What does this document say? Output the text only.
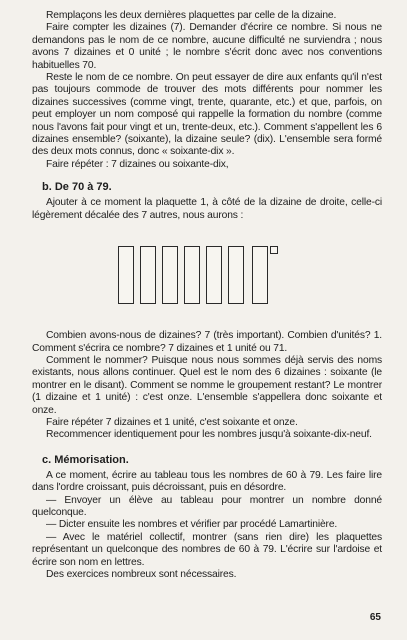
Remplaçons les deux dernières plaquettes par celle de la dizaine.

Faire compter les dizaines (7). Demander d'écrire ce nombre. Si nous ne demandons pas le nom de ce nombre, aucune difficulté ne surviendra ; nous avons 7 dizaines et 0 unité ; le nombre s'écrit donc avec nos conventions habituelles 70.

Reste le nom de ce nombre. On peut essayer de dire aux enfants qu'il n'est pas toujours commode de trouver des mots différents pour nommer les dizaines successives (comme vingt, trente, quarante, etc.) et que, parfois, on peut employer un nom composé qui rappelle la formation du nombre (comme nous l'avons fait pour vingt et un, trente-deux, etc.). Comment s'appellent les 6 dizaines ensemble? (soixante), la dizaine seule? (dix). L'ensemble sera formé des deux mots connus, donc « soixante-dix ».

Faire répéter : 7 dizaines ou soixante-dix,

b. De 70 à 79.

Ajouter à ce moment la plaquette 1, à côté de la dizaine de droite, celle-ci légèrement décalée des 7 autres, nous aurons :

Combien avons-nous de dizaines? 7 (très important). Combien d'unités? 1. Comment s'écrira ce nombre? 7 dizaines et 1 unité ou 71.

Comment le nommer? Puisque nous nous sommes déjà servis des noms existants, nous allons continuer. Quel est le nom des 6 dizaines : soixante (le montrer en le disant). Comment se nomme le groupement restant? Le montrer (1 dizaine et 1 unité) : c'est onze. L'ensemble s'appellera donc soixante et onze.

Faire répéter 7 dizaines et 1 unité, c'est soixante et onze.

Recommencer identiquement pour les nombres jusqu'à soixante-dix-neuf.

c. Mémorisation.

A ce moment, écrire au tableau tous les nombres de 60 à 79. Les faire lire dans l'ordre croissant, puis décroissant, puis en désordre.

— Envoyer un élève au tableau pour montrer un nombre donné quelconque.

— Dicter ensuite les nombres et vérifier par procédé Lamartinière.

— Avec le matériel collectif, montrer (sans rien dire) les plaquettes représentant un quelconque des nombres de 60 à 79. L'écrire sur l'ardoise et écrire son nom en lettres.

Des exercices nombreux sont nécessaires.

65
